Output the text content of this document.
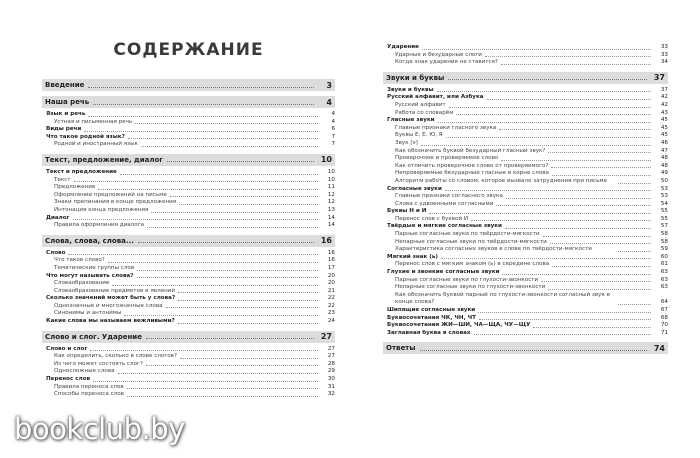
СОДЕРЖАНИЕ
Введение	3
Наша речь	4
Язык и речь	4
Устная и письменная речь	4
Виды речи	6
Что такое родной язык?	7
Родной и иностранный язык	7
Текст, предложение, диалог	10
Текст и предложение	10
Текст	10
Предложение	11
Оформление предложений на письме	12
Знаки препинания в конце предложения	12
Интонация конца предложения	13
Диалог	14
Правила оформления диалога	14
Слова, слова, слова...	16
Слово	16
Что такое слово?	16
Тематические группы слов	17
Что могут называть слова?	20
Словаобразование	20
Словаобразование предметов и явлений	21
Сколько значений может быть у слова?	22
Однозначные и многозначные слова	22
Синонимы и антонимы	23
Какие слова мы называем вежливыми?	24
Слово и слог. Ударение	27
Слово и слог	27
Как определить, сколько в слове слогов?	27
Из чего может состоять слог?	28
Односложные слова	29
Перенос слов	30
Правила переноса слов	31
Способы переноса слов	32
Ударение	33
Ударные и безударные слоги	33
Когда знак ударения не ставится?	34
Звуки и буквы	37
Звуки и буквы	37
Русский алфавит, или Азбука	42
Русский алфавит	42
Работа со словарём	43
Гласные звуки	45
Главные признаки гласного звука	45
Буквы Е, Ё, Ю, Я	45
Звук [э]	46
Как обозначить буквой безударный гласный звук?	47
Проверочное и проверяемое слово	48
Как отличить проверочное слово от проверяемого?	48
Непроверяемые безударные гласные в корне слова	49
Алгоритм работы со словом, которое вызвало затруднения при письме	50
Согласные звуки	53
Главные признаки согласного звука	53
Слова с удвоенными согласными	54
Буквы Н и Й	55
Перенос слов с буквой Й	55
Твёрдые и мягкие согласные звуки	57
Парные согласные звуки по твёрдости-мягкости	58
Непарные согласные звуки по твёрдости-мягкости	58
Характеристика согласных звуков в слове по твёрдости-мягкости	59
Мягкий знак (ь)	60
Перенос слов с мягким знаком (ь) в середине слова	61
Глухие и звонкие согласные звуки	63
Парные согласные звуки по глухости-звонкости	63
Непарные согласные звуки по глухости-звонкости	63
Как обозначить буквой парный по глухости-звонкости согласный звук в конце слова?	64
Шипящие согласные звуки	67
Буквосочетания ЧК, ЧН, ЧТ	68
Буквосочетания ЖИ—ШИ, ЧА—ЩА, ЧУ—ЩУ	70
Заглавная буква в словах	71
Ответы	74
bookclub.by
